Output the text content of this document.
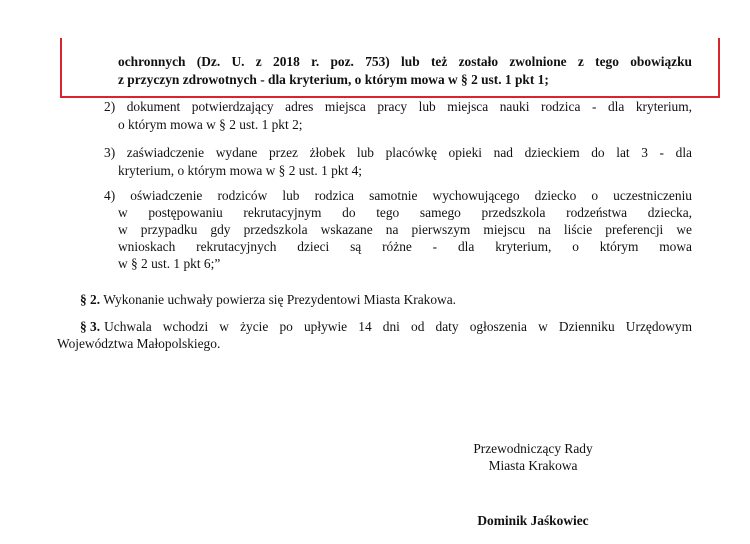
ochronnych (Dz. U. z 2018 r. poz. 753) lub też zostało zwolnione z tego obowiązku
z przyczyn zdrowotnych - dla kryterium, o którym mowa w § 2 ust. 1 pkt 1;
2) dokument potwierdzający adres miejsca pracy lub miejsca nauki rodzica - dla kryterium,
o którym mowa w § 2 ust. 1 pkt 2;
3) zaświadczenie wydane przez żłobek lub placówkę opieki nad dzieckiem do lat 3 - dla
kryterium, o którym mowa w § 2 ust. 1 pkt 4;
4) oświadczenie rodziców lub rodzica samotnie wychowującego dziecko o uczestniczeniu
w postępowaniu rekrutacyjnym do tego samego przedszkola rodzeństwa dziecka,
w przypadku gdy przedszkola wskazane na pierwszym miejscu na liście preferencji we
wnioskach rekrutacyjnych dzieci są różne - dla kryterium, o którym mowa
w § 2 ust. 1 pkt 6;”
§ 2. Wykonanie uchwały powierza się Prezydentowi Miasta Krakowa.
§ 3. Uchwala wchodzi w życie po upływie 14 dni od daty ogłoszenia w Dzienniku Urzędowym
Województwa Małopolskiego.
Przewodniczący Rady
Miasta Krakowa
Dominik Jaśkowiec
